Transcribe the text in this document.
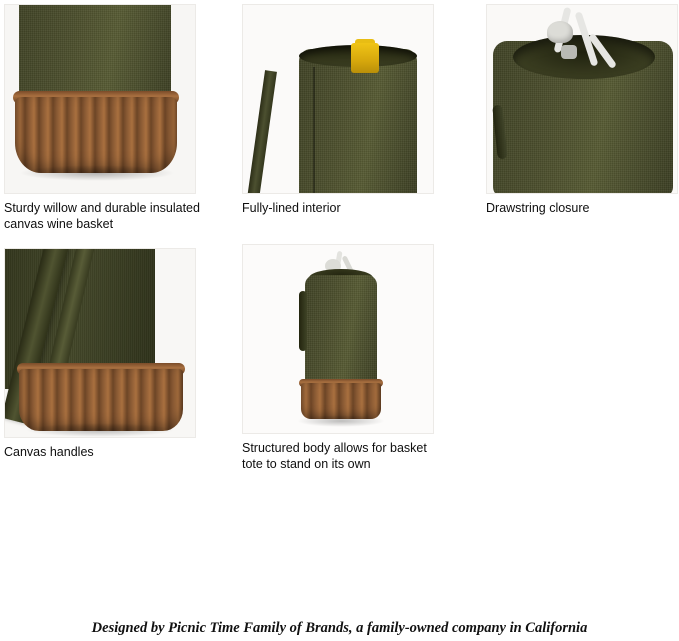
Sturdy willow and durable insulated canvas wine basket
Fully-lined interior	Drawstring closure
Canvas handles	Structured body allows for basket tote to stand on its own
Designed by Picnic Time Family of Brands, a family-owned company in California
